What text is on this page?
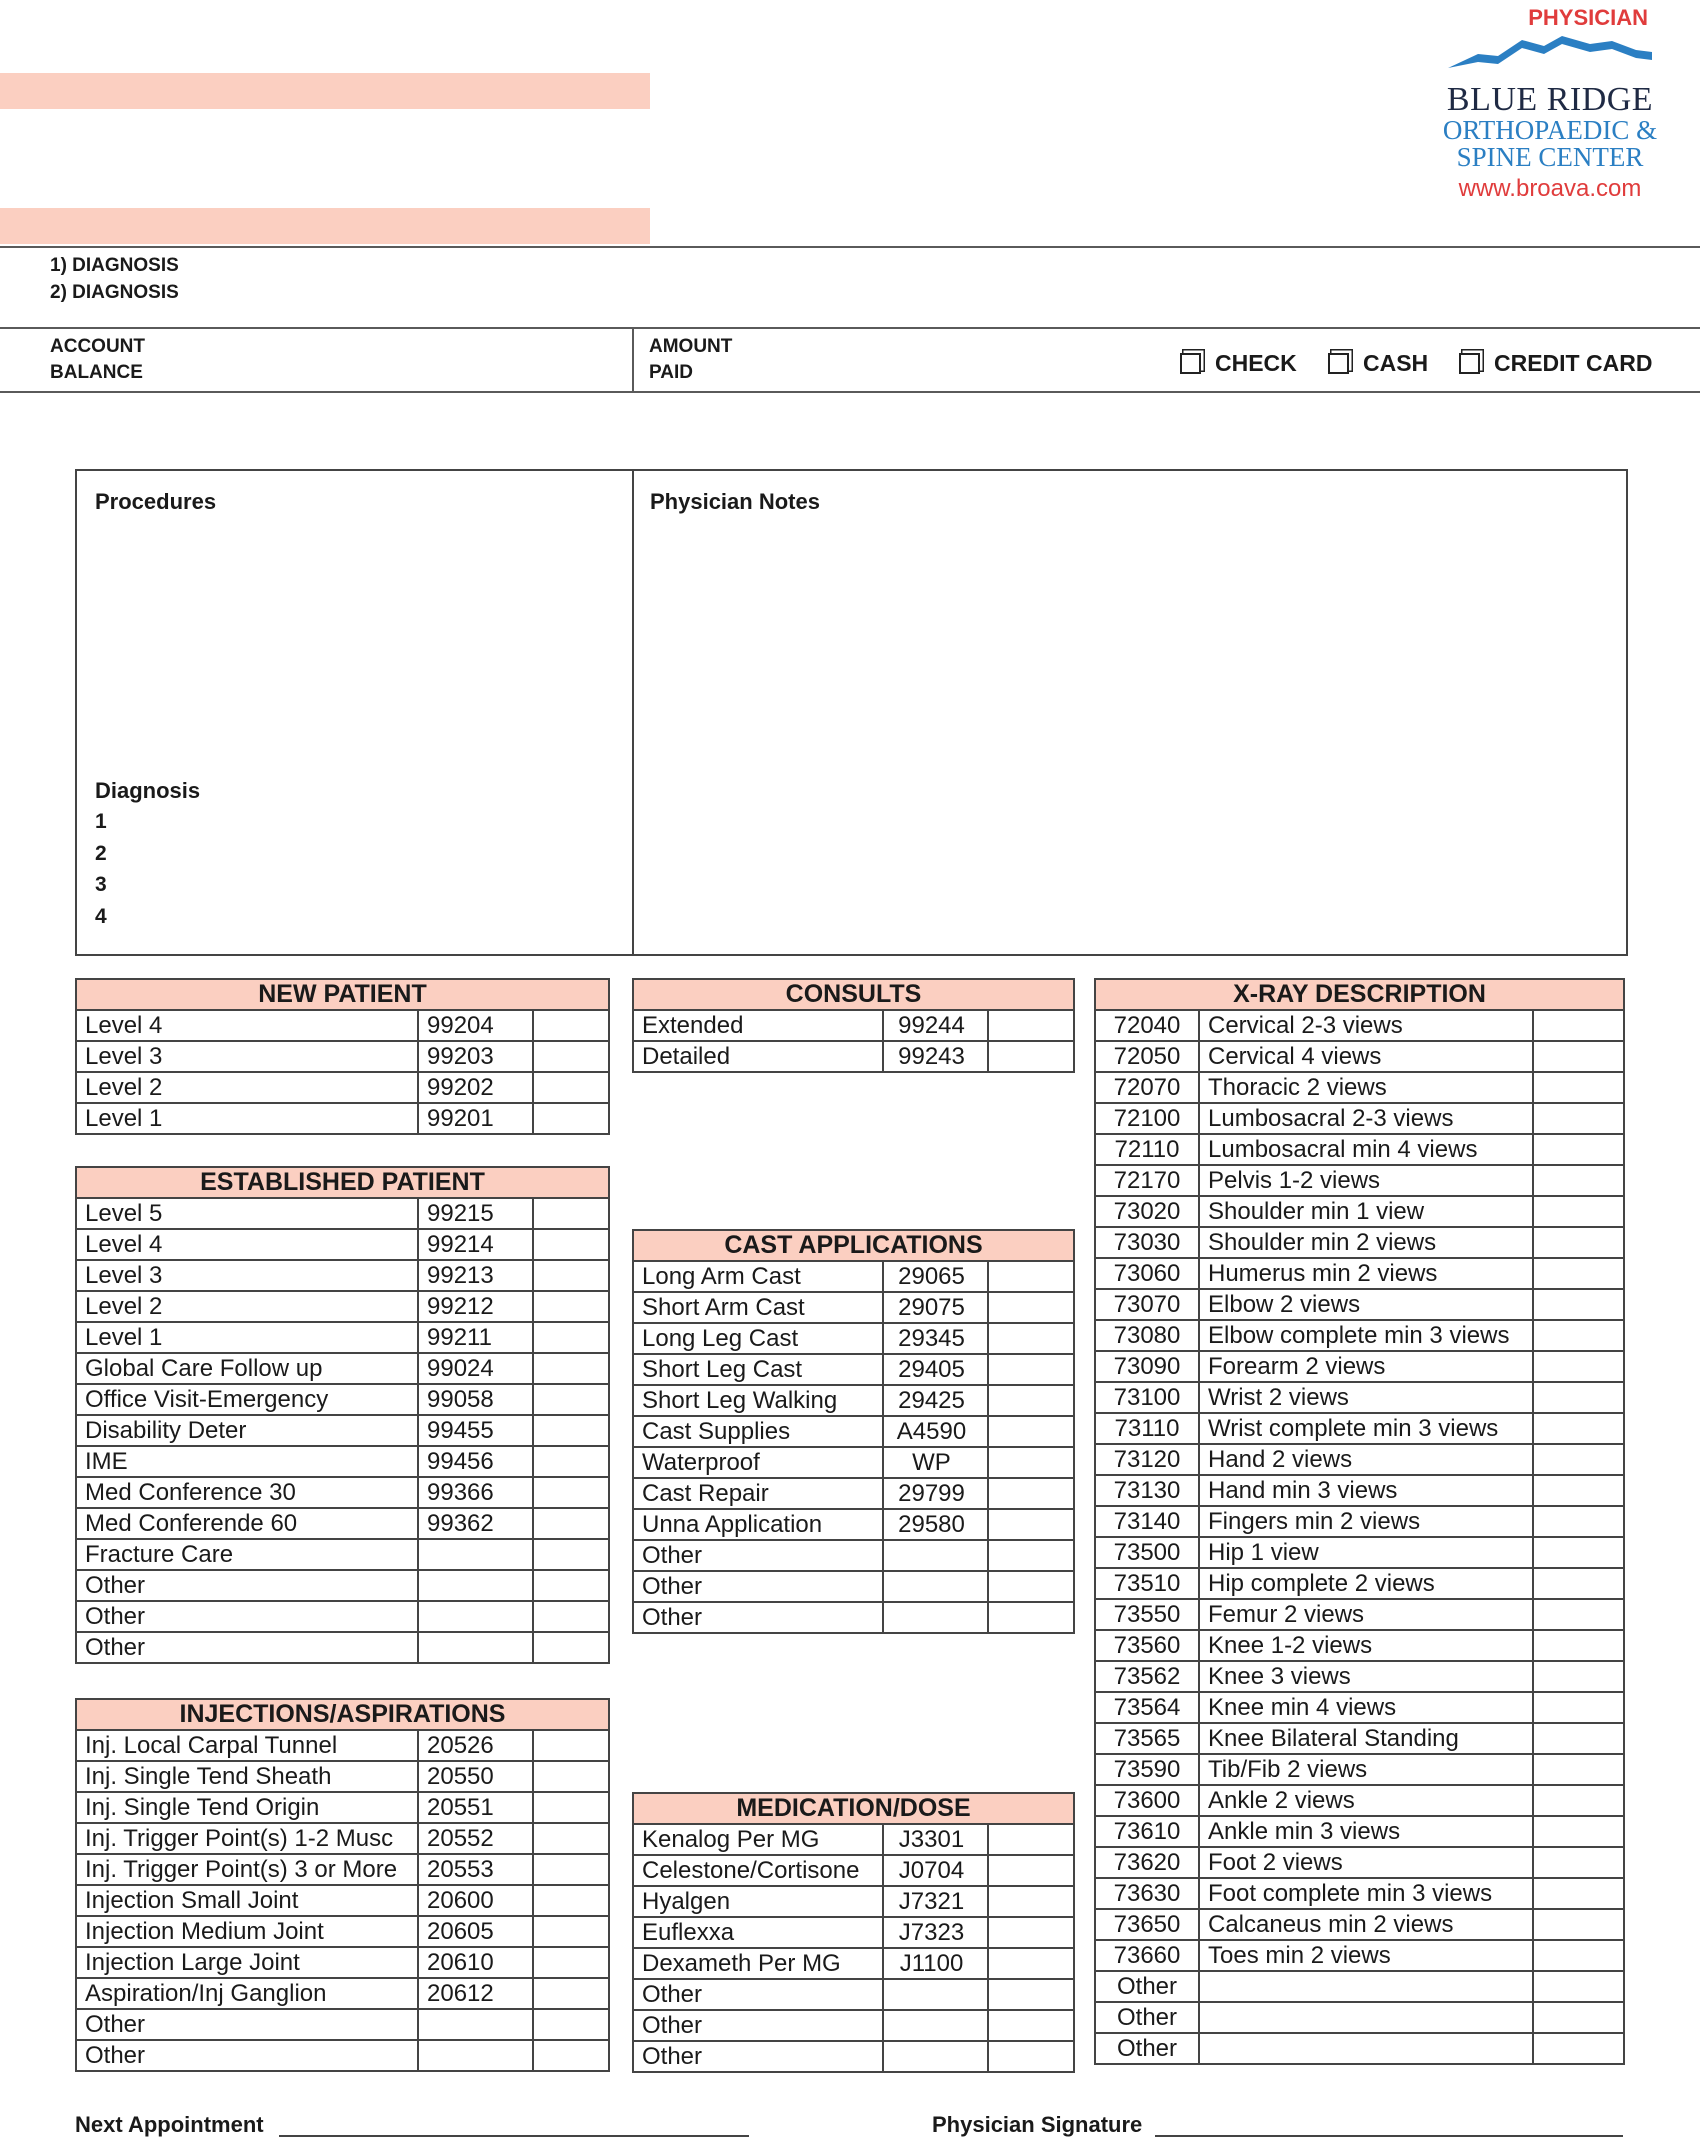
PHYSICIAN
BLUE RIDGE
ORTHOPAEDIC &
SPINE CENTER
www.broava.com
1) DIAGNOSIS
2) DIAGNOSIS
ACCOUNT
BALANCE
AMOUNT
PAID	CHECK	CASH	CREDIT CARD
Procedures	Physician Notes
Diagnosis
1
2
3
4
NEW PATIENT		
Level 4	99204	
Level 3	99203	
Level 2	99202	
Level 1	99201	
ESTABLISHED PATIENT		
Level 5	99215	
Level 4	99214	
Level 3	99213	
Level 2	99212	
Level 1	99211	
Global Care Follow up	99024	
Office Visit-Emergency	99058	
Disability Deter	99455	
IME	99456	
Med Conference 30	99366	
Med Conferende 60	99362	
Fracture Care		
Other		
Other		
Other		
INJECTIONS/ASPIRATIONS		
Inj. Local Carpal Tunnel	20526	
Inj. Single Tend Sheath	20550	
Inj. Single Tend Origin	20551	
Inj. Trigger Point(s) 1-2 Musc	20552	
Inj. Trigger Point(s) 3 or More	20553	
Injection Small Joint	20600	
Injection Medium Joint	20605	
Injection Large Joint	20610	
Aspiration/Inj Ganglion	20612	
Other		
Other		
CONSULTS		
Extended	99244	
Detailed	99243	
CAST APPLICATIONS		
Long Arm Cast	29065	
Short Arm Cast	29075	
Long Leg Cast	29345	
Short Leg Cast	29405	
Short Leg Walking	29425	
Cast Supplies	A4590	
Waterproof	WP	
Cast Repair	29799	
Unna Application	29580	
Other		
Other		
Other		
MEDICATION/DOSE		
Kenalog Per MG	J3301	
Celestone/Cortisone	J0704	
Hyalgen	J7321	
Euflexxa	J7323	
Dexameth Per MG	J1100	
Other		
Other		
Other		
X-RAY DESCRIPTION		
72040	Cervical 2-3 views	
72050	Cervical 4 views	
72070	Thoracic 2 views	
72100	Lumbosacral 2-3 views	
72110	Lumbosacral min 4 views	
72170	Pelvis 1-2 views	
73020	Shoulder min 1 view	
73030	Shoulder min 2 views	
73060	Humerus min 2 views	
73070	Elbow 2 views	
73080	Elbow complete min 3 views	
73090	Forearm 2 views	
73100	Wrist 2 views	
73110	Wrist complete min 3 views	
73120	Hand 2 views	
73130	Hand min 3 views	
73140	Fingers min 2 views	
73500	Hip 1 view	
73510	Hip complete 2 views	
73550	Femur 2 views	
73560	Knee 1-2 views	
73562	Knee 3 views	
73564	Knee min 4 views	
73565	Knee Bilateral Standing	
73590	Tib/Fib 2 views	
73600	Ankle 2 views	
73610	Ankle min 3 views	
73620	Foot 2 views	
73630	Foot complete min 3 views	
73650	Calcaneus min 2 views	
73660	Toes min 2 views	
Other		
Other		
Other		
Next Appointment	Physician Signature
